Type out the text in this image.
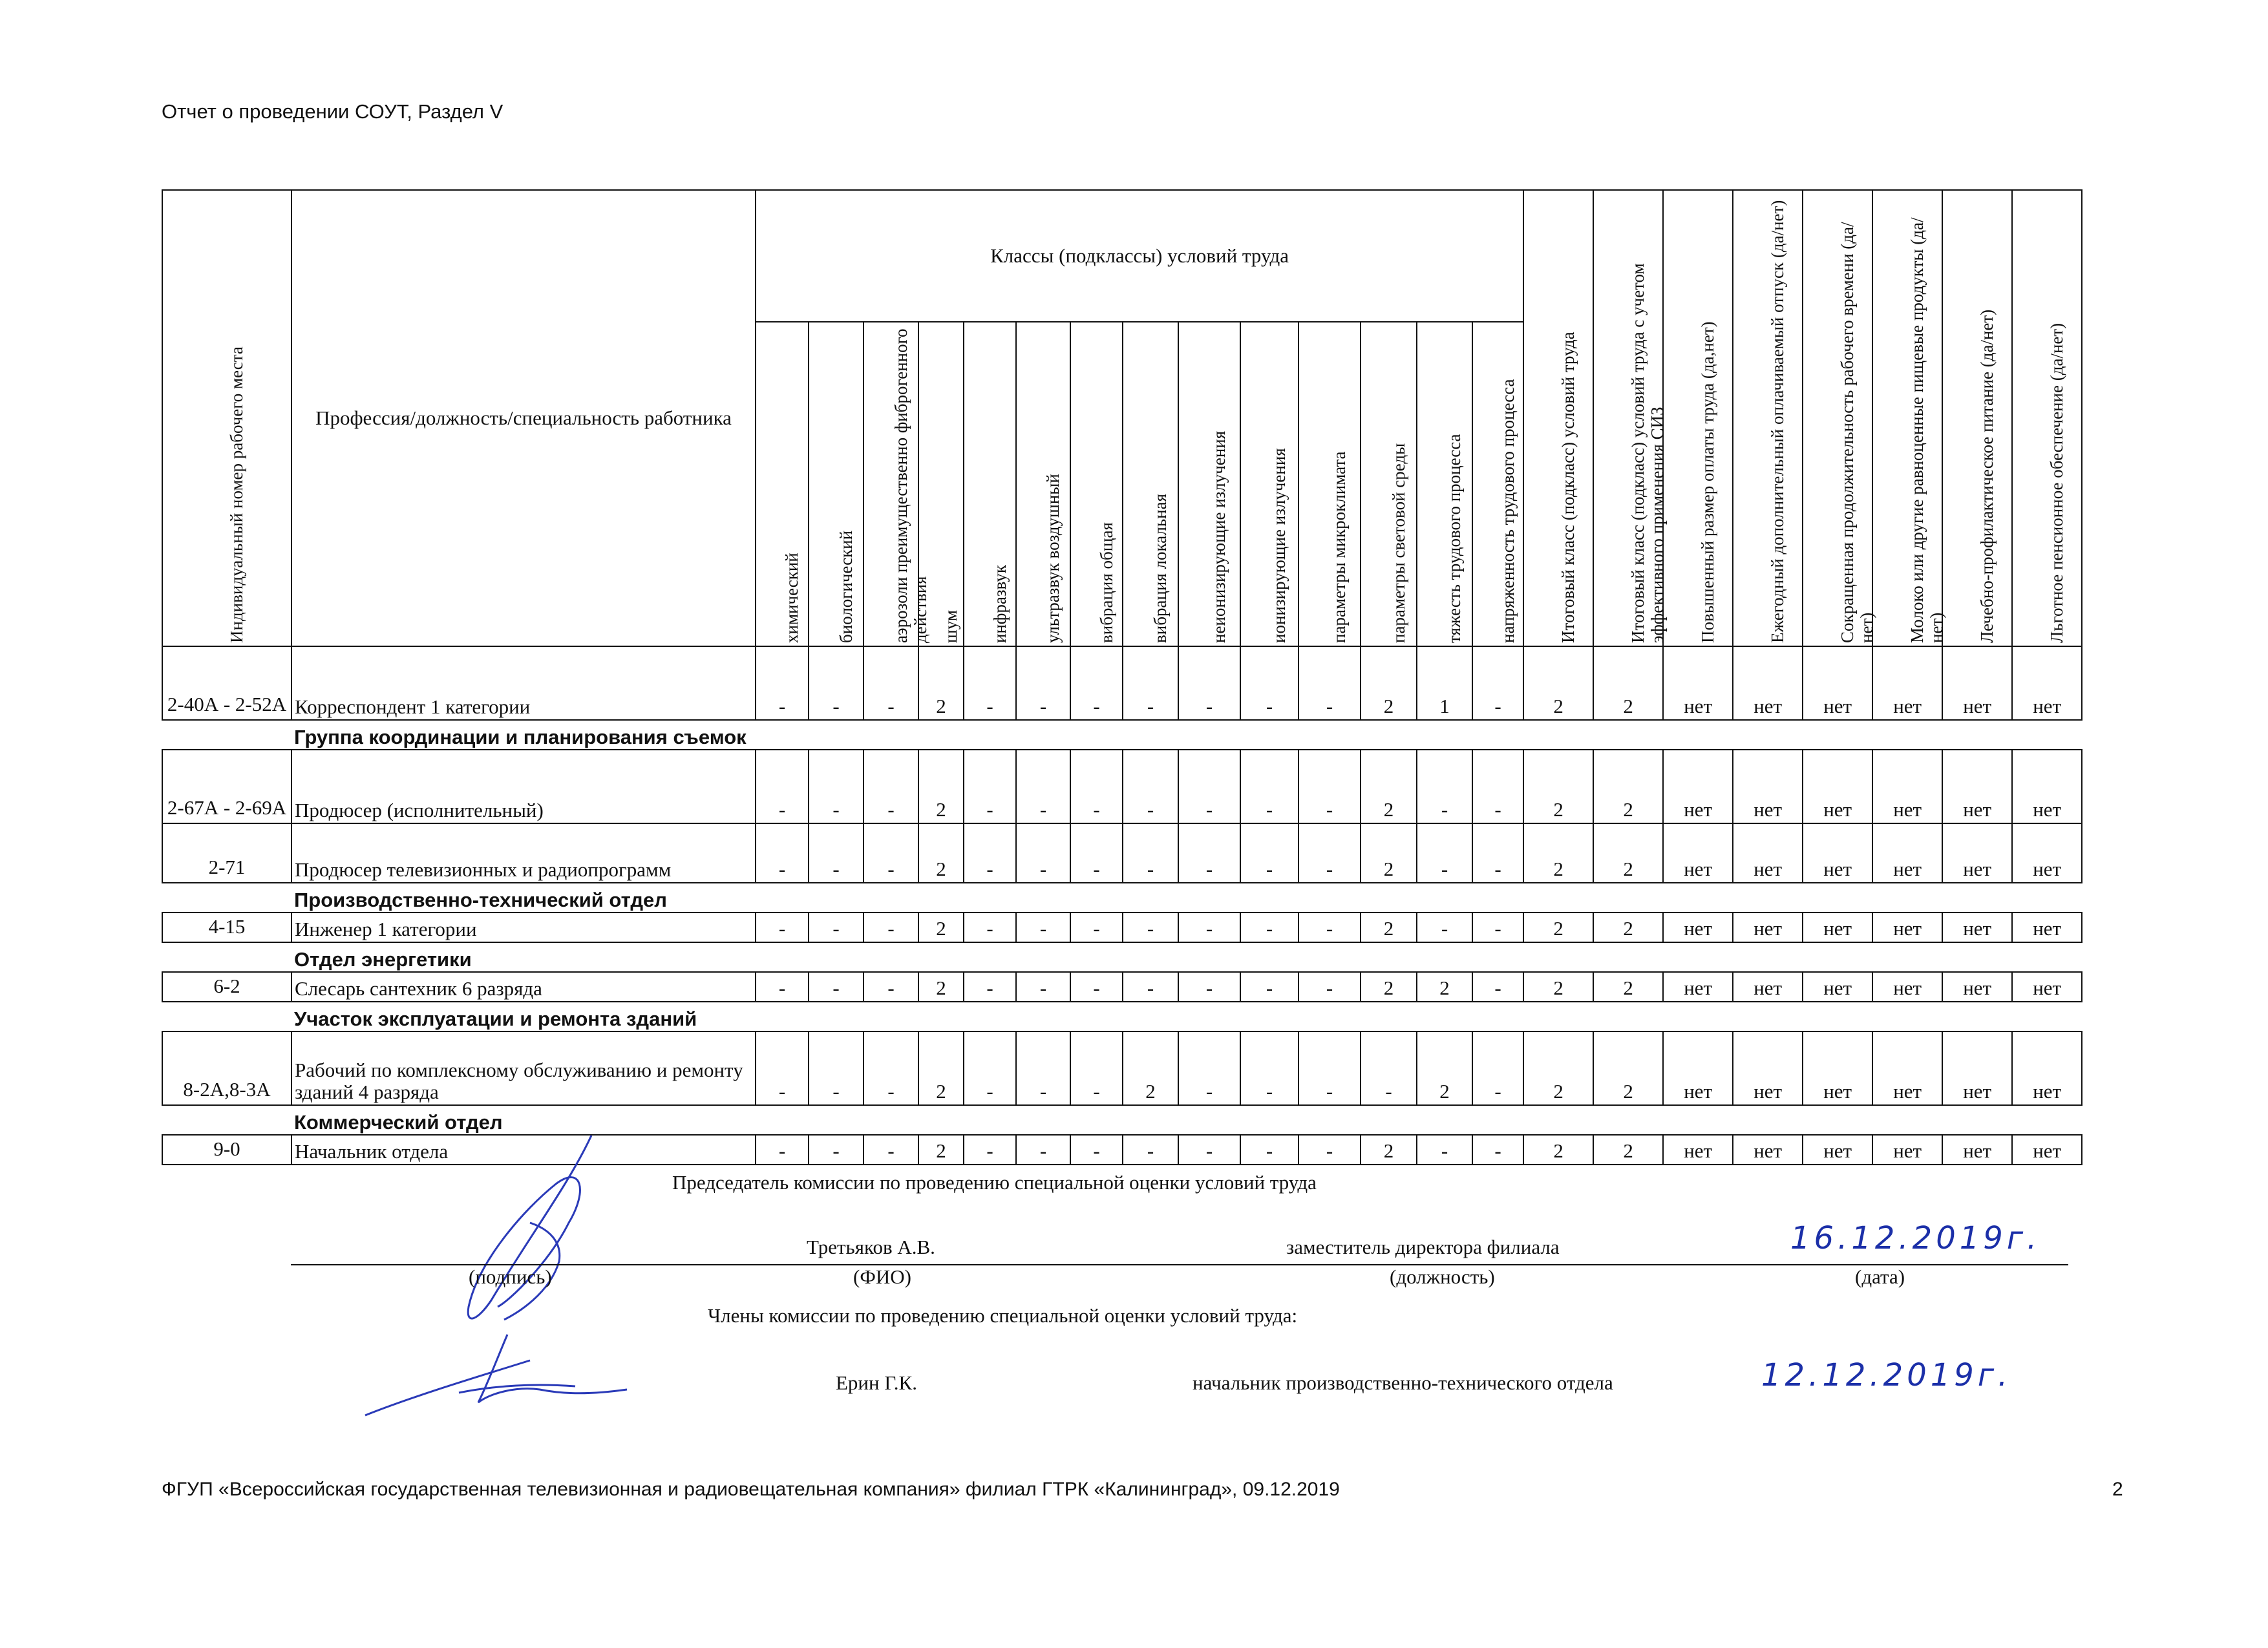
Отчет о проведении СОУТ, Раздел V
Индивидуальный номер рабочего места	Профессия/должность/специальность работника	Классы (подклассы) условий труда														Итоговый класс (подкласс) условий труда	Итоговый класс (подкласс) условий труда с учетом эффективного применения СИЗ	Повышенный размер оплаты труда (да,нет)	Ежегодный дополнительный оплачиваемый отпуск (да/нет)	Сокращенная продолжительность рабочего времени (да/нет)	Молоко или другие равноценные пищевые продукты (да/нет)	Лечебно-профилактическое питание (да/нет)	Льготное пенсионное обеспечение (да/нет)

		химический	биологический	аэрозоли преимущественно фиброгенного действия	шум	инфразвук	ультразвук воздушный	вибрация общая	вибрация локальная	неионизирующие излучения	ионизирующие излучения	параметры микроклимата	параметры световой среды	тяжесть трудового процесса	напряженность трудового процесса								

2-40А - 2-52А	Корреспондент 1 категории	-	-	-	2	-	-	-	-	-	-	-	2	1	-	2	2	нет	нет	нет	нет	нет	нет
	Группа координации и планирования съемок																						
2-67А - 2-69А	Продюсер (исполнительный)	-	-	-	2	-	-	-	-	-	-	-	2	-	-	2	2	нет	нет	нет	нет	нет	нет
2-71	Продюсер телевизионных и радиопрограмм	-	-	-	2	-	-	-	-	-	-	-	2	-	-	2	2	нет	нет	нет	нет	нет	нет
	Производственно-технический отдел																						
4-15	Инженер 1 категории	-	-	-	2	-	-	-	-	-	-	-	2	-	-	2	2	нет	нет	нет	нет	нет	нет
	Отдел энергетики																						
6-2	Слесарь сантехник 6 разряда	-	-	-	2	-	-	-	-	-	-	-	2	2	-	2	2	нет	нет	нет	нет	нет	нет
	Участок эксплуатации и ремонта зданий																						
8-2А,8-3А	Рабочий по комплексному обслуживанию и ремонту зданий 4 разряда	-	-	-	2	-	-	-	2	-	-	-	-	2	-	2	2	нет	нет	нет	нет	нет	нет
	Коммерческий отдел																						
9-0	Начальник отдела	-	-	-	2	-	-	-	-	-	-	-	2	-	-	2	2	нет	нет	нет	нет	нет	нет
Председатель комиссии по проведению специальной оценки условий труда
Третьяков А.В.	заместитель директора филиала	16.12.2019г.
(подпись)	(ФИО)	(должность)	(дата)
Члены комиссии по проведению специальной оценки условий труда:
Ерин Г.К.	начальник производственно-технического отдела	12.12.2019г.
ФГУП «Всероссийская государственная телевизионная и радиовещательная компания» филиал ГТРК «Калининград», 09.12.2019	2
